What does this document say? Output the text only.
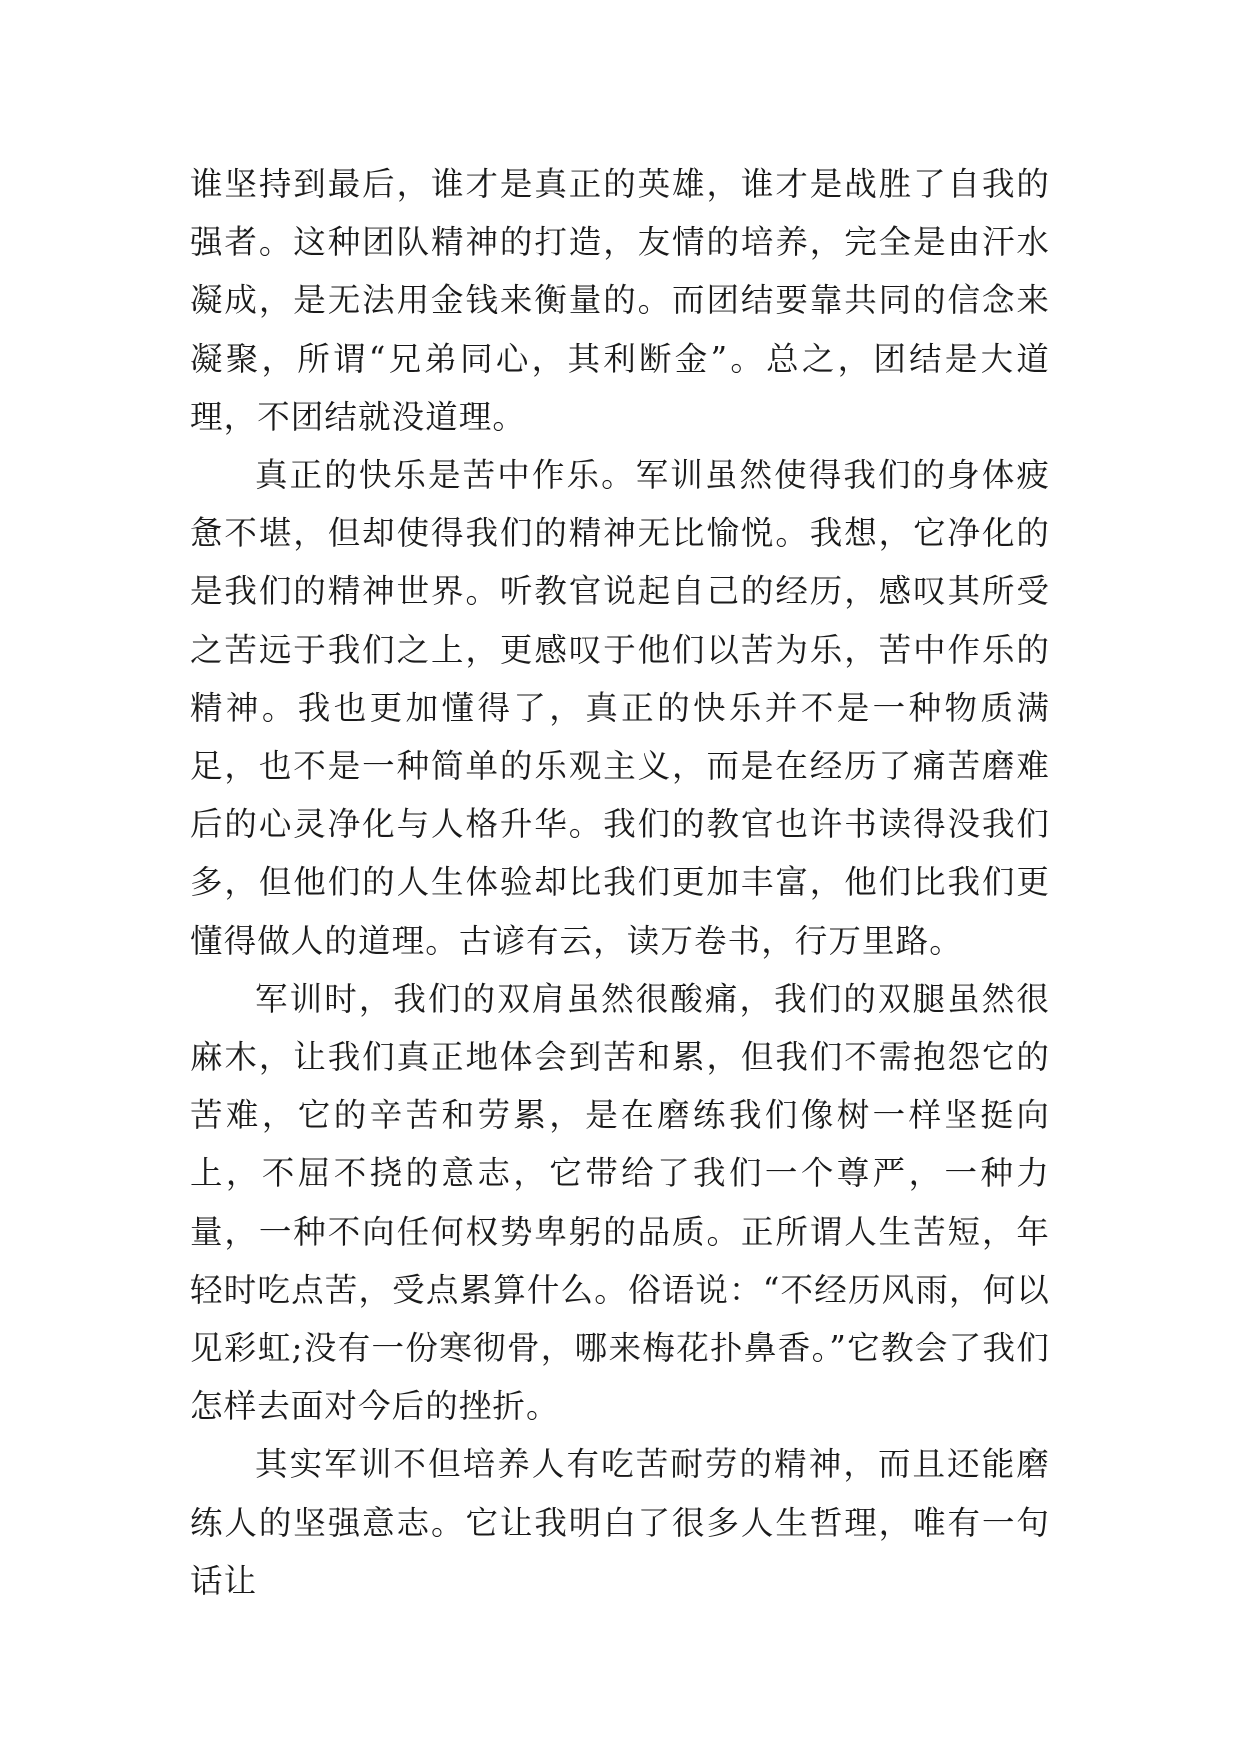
谁坚持到最后，谁才是真正的英雄，谁才是战胜了自我的强者。这种团队精神的打造，友情的培养，完全是由汗水凝成，是无法用金钱来衡量的。而团结要靠共同的信念来凝聚，所谓“兄弟同心，其利断金”。总之，团结是大道理，不团结就没道理。

真正的快乐是苦中作乐。军训虽然使得我们的身体疲惫不堪，但却使得我们的精神无比愉悦。我想，它净化的是我们的精神世界。听教官说起自己的经历，感叹其所受之苦远于我们之上，更感叹于他们以苦为乐，苦中作乐的精神。我也更加懂得了，真正的快乐并不是一种物质满足，也不是一种简单的乐观主义，而是在经历了痛苦磨难后的心灵净化与人格升华。我们的教官也许书读得没我们多，但他们的人生体验却比我们更加丰富，他们比我们更懂得做人的道理。古谚有云，读万卷书，行万里路。

军训时，我们的双肩虽然很酸痛，我们的双腿虽然很麻木，让我们真正地体会到苦和累，但我们不需抱怨它的苦难，它的辛苦和劳累，是在磨练我们像树一样坚挺向上，不屈不挠的意志，它带给了我们一个尊严，一种力量，一种不向任何权势卑躬的品质。正所谓人生苦短，年轻时吃点苦，受点累算什么。俗语说：“不经历风雨，何以见彩虹;没有一份寒彻骨，哪来梅花扑鼻香。”它教会了我们怎样去面对今后的挫折。

其实军训不但培养人有吃苦耐劳的精神，而且还能磨练人的坚强意志。它让我明白了很多人生哲理，唯有一句话让
